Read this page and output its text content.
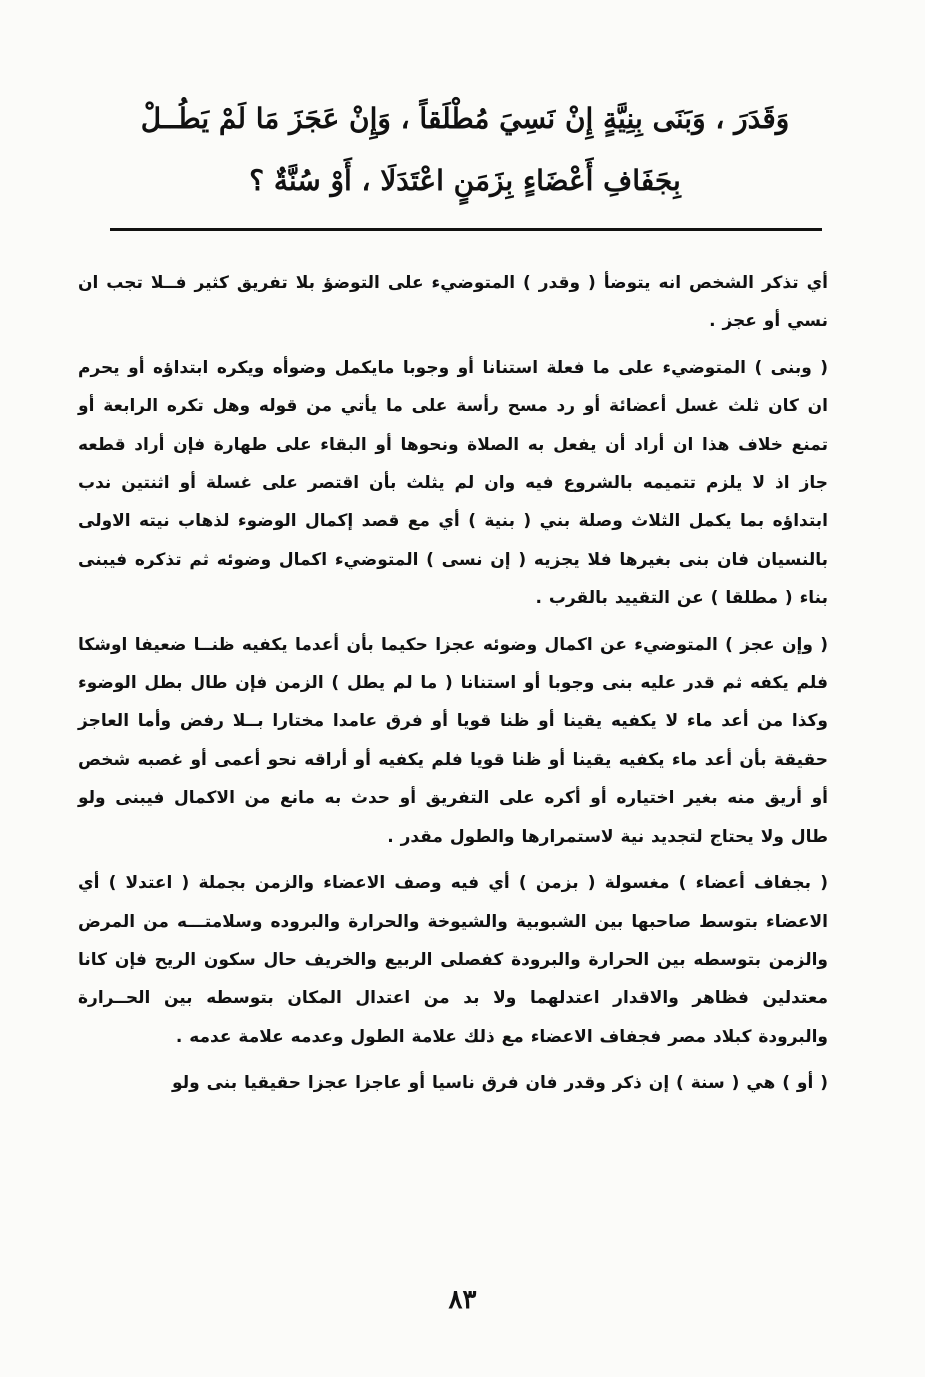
وَقَدَرَ ، وَبَنَى بِنِيَّةٍ إِنْ نَسِيَ مُطْلَقاً ، وَإِنْ عَجَزَ مَا لَمْ يَطُــلْ
بِجَفَافِ أَعْضَاءٍ بِزَمَنٍ اعْتَدَلَا ، أَوْ سُنَّةٌ ؟

أي تذكر الشخص انه يتوضأ ( وقدر ) المتوضيء على التوضؤ بلا تفريق كثير فــلا تجب ان نسي أو عجز .

( وبنى ) المتوضيء على ما فعلة استنانا أو وجوبا مايكمل وضوأه ويكره ابتداؤه أو يحرم ان كان ثلث غسل أعضائة أو رد مسح رأسة على ما يأتي من قوله وهل تكره الرابعة أو تمنع خلاف هذا ان أراد أن يفعل به الصلاة ونحوها أو البقاء على طهارة فإن أراد قطعه جاز اذ لا يلزم تتميمه بالشروع فيه وان لم يثلث بأن اقتصر على غسلة أو اثنتين ندب ابتداؤه بما يكمل الثلاث وصلة بني ( بنية ) أي مع قصد إكمال الوضوء لذهاب نيته الاولى بالنسيان فان بنى بغيرها فلا يجزيه ( إن نسى ) المتوضيء اكمال وضوئه ثم تذكره فيبنى بناء ( مطلقا ) عن التقييد بالقرب .

( وإن عجز ) المتوضيء عن اكمال وضوئه عجزا حكيما بأن أعدما يكفيه ظنــا ضعيفا اوشكا فلم يكفه ثم قدر عليه بنى وجوبا أو استنانا ( ما لم يطل ) الزمن فإن طال بطل الوضوء وكذا من أعد ماء لا يكفيه يقينا أو ظنا قويا أو فرق عامدا مختارا بــلا رفض وأما العاجز حقيقة بأن أعد ماء يكفيه يقينا أو ظنا قويا فلم يكفيه أو أراقه نحو أعمى أو غصبه شخص أو أريق منه بغير اختياره أو أكره على التفريق أو حدث به مانع من الاكمال فيبنى ولو طال ولا يحتاج لتجديد نية لاستمرارها والطول مقدر .

( بجفاف أعضاء ) مغسولة ( بزمن ) أي فيه وصف الاعضاء والزمن بجملة ( اعتدلا ) أي الاعضاء بتوسط صاحبها بين الشبوبية والشيوخة والحرارة والبروده وسلامتـــه من المرض والزمن بتوسطه بين الحرارة والبرودة كفصلى الربيع والخريف حال سكون الريح فإن كانا معتدلين فظاهر والاقدار اعتدلهما ولا بد من اعتدال المكان بتوسطه بين الحــرارة والبرودة كبلاد مصر فجفاف الاعضاء مع ذلك علامة الطول وعدمه علامة عدمه .

( أو ) هي ( سنة ) إن ذكر وقدر فان فرق ناسيا أو عاجزا عجزا حقيقيا بنى ولو

٨٣
